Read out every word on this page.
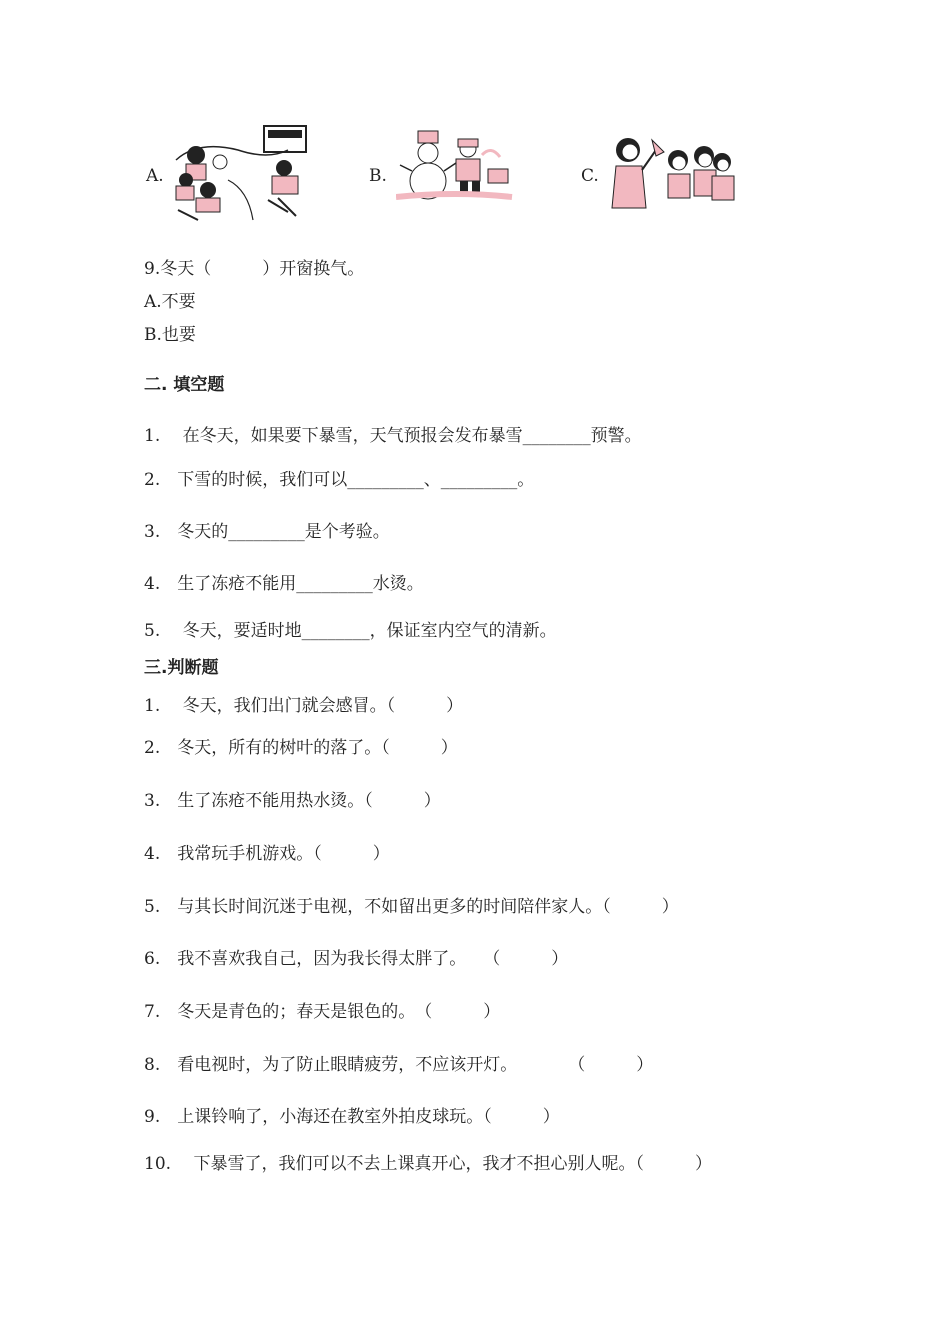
A.	B.	C.
9.冬天（　　　）开窗换气。
A.不要
B.也要
二. 填空题
1.　 在冬天，如果要下暴雪，天气预报会发布暴雪________预警。
2.　下雪的时候，我们可以_________、_________。
3.　冬天的_________是个考验。
4.　生了冻疮不能用_________水烫。
5.　 冬天，要适时地________，保证室内空气的清新。
三.判断题
1.　 冬天，我们出门就会感冒。（　　　）
2.　冬天，所有的树叶的落了。（　　　）
3.　生了冻疮不能用热水烫。（　　　）
4.　我常玩手机游戏。（　　　）
5.　与其长时间沉迷于电视，不如留出更多的时间陪伴家人。（　　　）
6.　我不喜欢我自己，因为我长得太胖了。　　（　　　）
7.　冬天是青色的；春天是银色的。　（　　　）
8.　看电视时，为了防止眼睛疲劳，不应该开灯。　　　　（　　　）
9.　上课铃响了，小海还在教室外拍皮球玩。（　　　）
10.　 下暴雪了，我们可以不去上课真开心，我才不担心别人呢。（　　　）
